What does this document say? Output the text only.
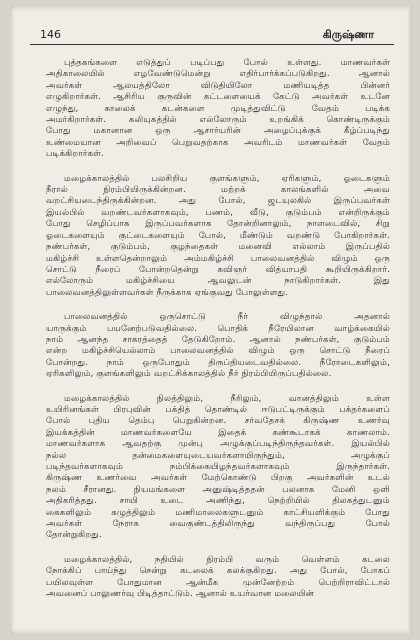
146	கிருஷ்ணா
புத்தகங்களை எடுத்துப் படிப்பது போல் உள்ளது. மாணவர்கள்
அதிகாலையில் எழவேண்டுமென்று எதிர்பார்க்கப்படுகிறது. ஆனால்
அவர்கள் ஆலயத்திலோ விடுதியிலோ மணியடித்த பின்னர்
எழுகிறார்கள். ஆசிரிய குருவின் கட்டளையைக் கேட்டு அவர்கள் உடனே
எழுந்து, காலைக் கடன்களை முடித்துவிட்டு வேதம் படிக்க
அமர்கிறார்கள். கலியுகத்தில் எல்லோரும் உறங்கிக் கொண்டிருக்கும்
போது மகானான ஒரு ஆசார்யரின் அழைப்புக்குக் கீழ்ப்படிந்து
உண்மையான அறிவைப் பெறுவதற்காக அவரிடம் மாணவர்கள் வேதம்
படிக்கிறார்கள்.
மழைக்காலத்தில் பலசிறிய குளங்களும், ஏரிகளும், ஓடைகளும்
நீரால் நிரம்பியிருக்கின்றன. மற்றக் காலங்களில் அவை
வறட்சியடைந்திருக்கின்றன. அது போல், ஜடயுலகில் இருப்பவர்கள்
இயல்பில் வறண்டவர்களாகவும், பணம், வீடு, குடும்பம் என்றிருக்கும்
போது செழிப்பாக இருப்பவர்களாக தோன்றினாலும், நாளடைவில், சிறு
ஓடைகளையும் குட்டைகளையும் போல், மீண்டும் வறண்டு போகிறார்கள்.
நண்பர்கள், குடும்பம், குழந்தைகள் மனைவி எல்லாம் இருப்பதில்
மகிழ்ச்சி உள்ளதென்றாலும் அம்மகிழ்ச்சி பாலைவனத்தில் விழும் ஒரு
சொட்டு நீரைப் போன்றதென்று கவிஞர் வித்யாபதி கூறியிருக்கிறார்.
எல்லோரும் மகிழ்ச்சியை ஆவலுடன் நாடுகிறார்கள். இது
பாலைவனத்திலுள்ளவர்கள் நீருக்காக ஏங்குவது போலுள்ளது.
பாலைவனத்தில் ஒருசொட்டு நீர் விழுந்தால் அதனால்
யாருக்கும் பயனேற்படுவதில்லை. பொதிக் நீரேயிலான வாழ்க்கையில்
நாம் ஆனந்த சாகரத்தைத் தேடுகிறோம். ஆனால் நண்பர்கள், குடும்பம்
என்ற மகிழ்ச்சியெல்லாம் பாலைவனத்தில் விழும் ஒரு சொட்டு நீரைப்
போன்றது. நாம் ஒருபோதும் திருப்தியடைவதில்லை. நீரோடைகளிலும்,
ஏரிகளிலும், குளங்களிலும் வறட்சிக்காலத்தில் நீர் நிரம்பியிருப்பதில்லை.
மழைக்காலத்தில் நிலத்திலும், நீரிலும், வானத்திலும் உள்ள
உயிரினங்கள் பிரபுவின் பக்தித் தொண்டில் ஈடுபட்டிருக்கும் பக்தர்களைப்
போல் புதிய தெம்பு பெறுகின்றன. சர்வதேசக் கிருஷ்ண உணர்வு
இயக்கத்தின் மாணவர்களையே இதைக் கண்கூடாகக் காணலாம்.
மாணவர்களாக ஆவதற்கு முன்பு அழுக்குப்படிந்திருந்தவர்கள். இயல்பில்
நல்ல தன்மைகளையுடையவர்களாயிருந்தும், அழுக்குப்
படிந்தவர்களாகவும் நம்பிக்கையிழந்தவர்களாகவும் இருந்தார்கள்.
கிருஷ்ண உணர்வை அவர்கள் மேற்கொண்டு பிறகு அவர்களின் உடல்
நலம் சீரானது. நியமங்களை அனுஷ்டித்ததன் பலனாக மேனி ஒளி
அதிகரித்தது. சாயி உடை அணிந்து, நெற்றியில் திலகத்துடனும்
கைகளிலும் கழுத்திலும் மணிமாலைகளுடனும் காட்சியளிக்கும் போது
அவர்கள் நேராக வைகுண்டத்திலிருந்து வந்திருப்பது போல்
தோன்றுகிறது.
மழைக்காலத்தில், நதியில் நிரம்பி வரும் வெள்ளம் கடலை
நோக்கிப் பாய்ந்து சென்று கடலைக் கலக்குகிறது. அது போல், போகப்
பயிலவுள்ள போதுமான ஆன்மீக முன்னேற்றம் பெற்றிராவிட்டால்
அவனைப் பாலுணர்வு பிடித்தாட்டும். ஆனால் உயர்வான மலையின்
